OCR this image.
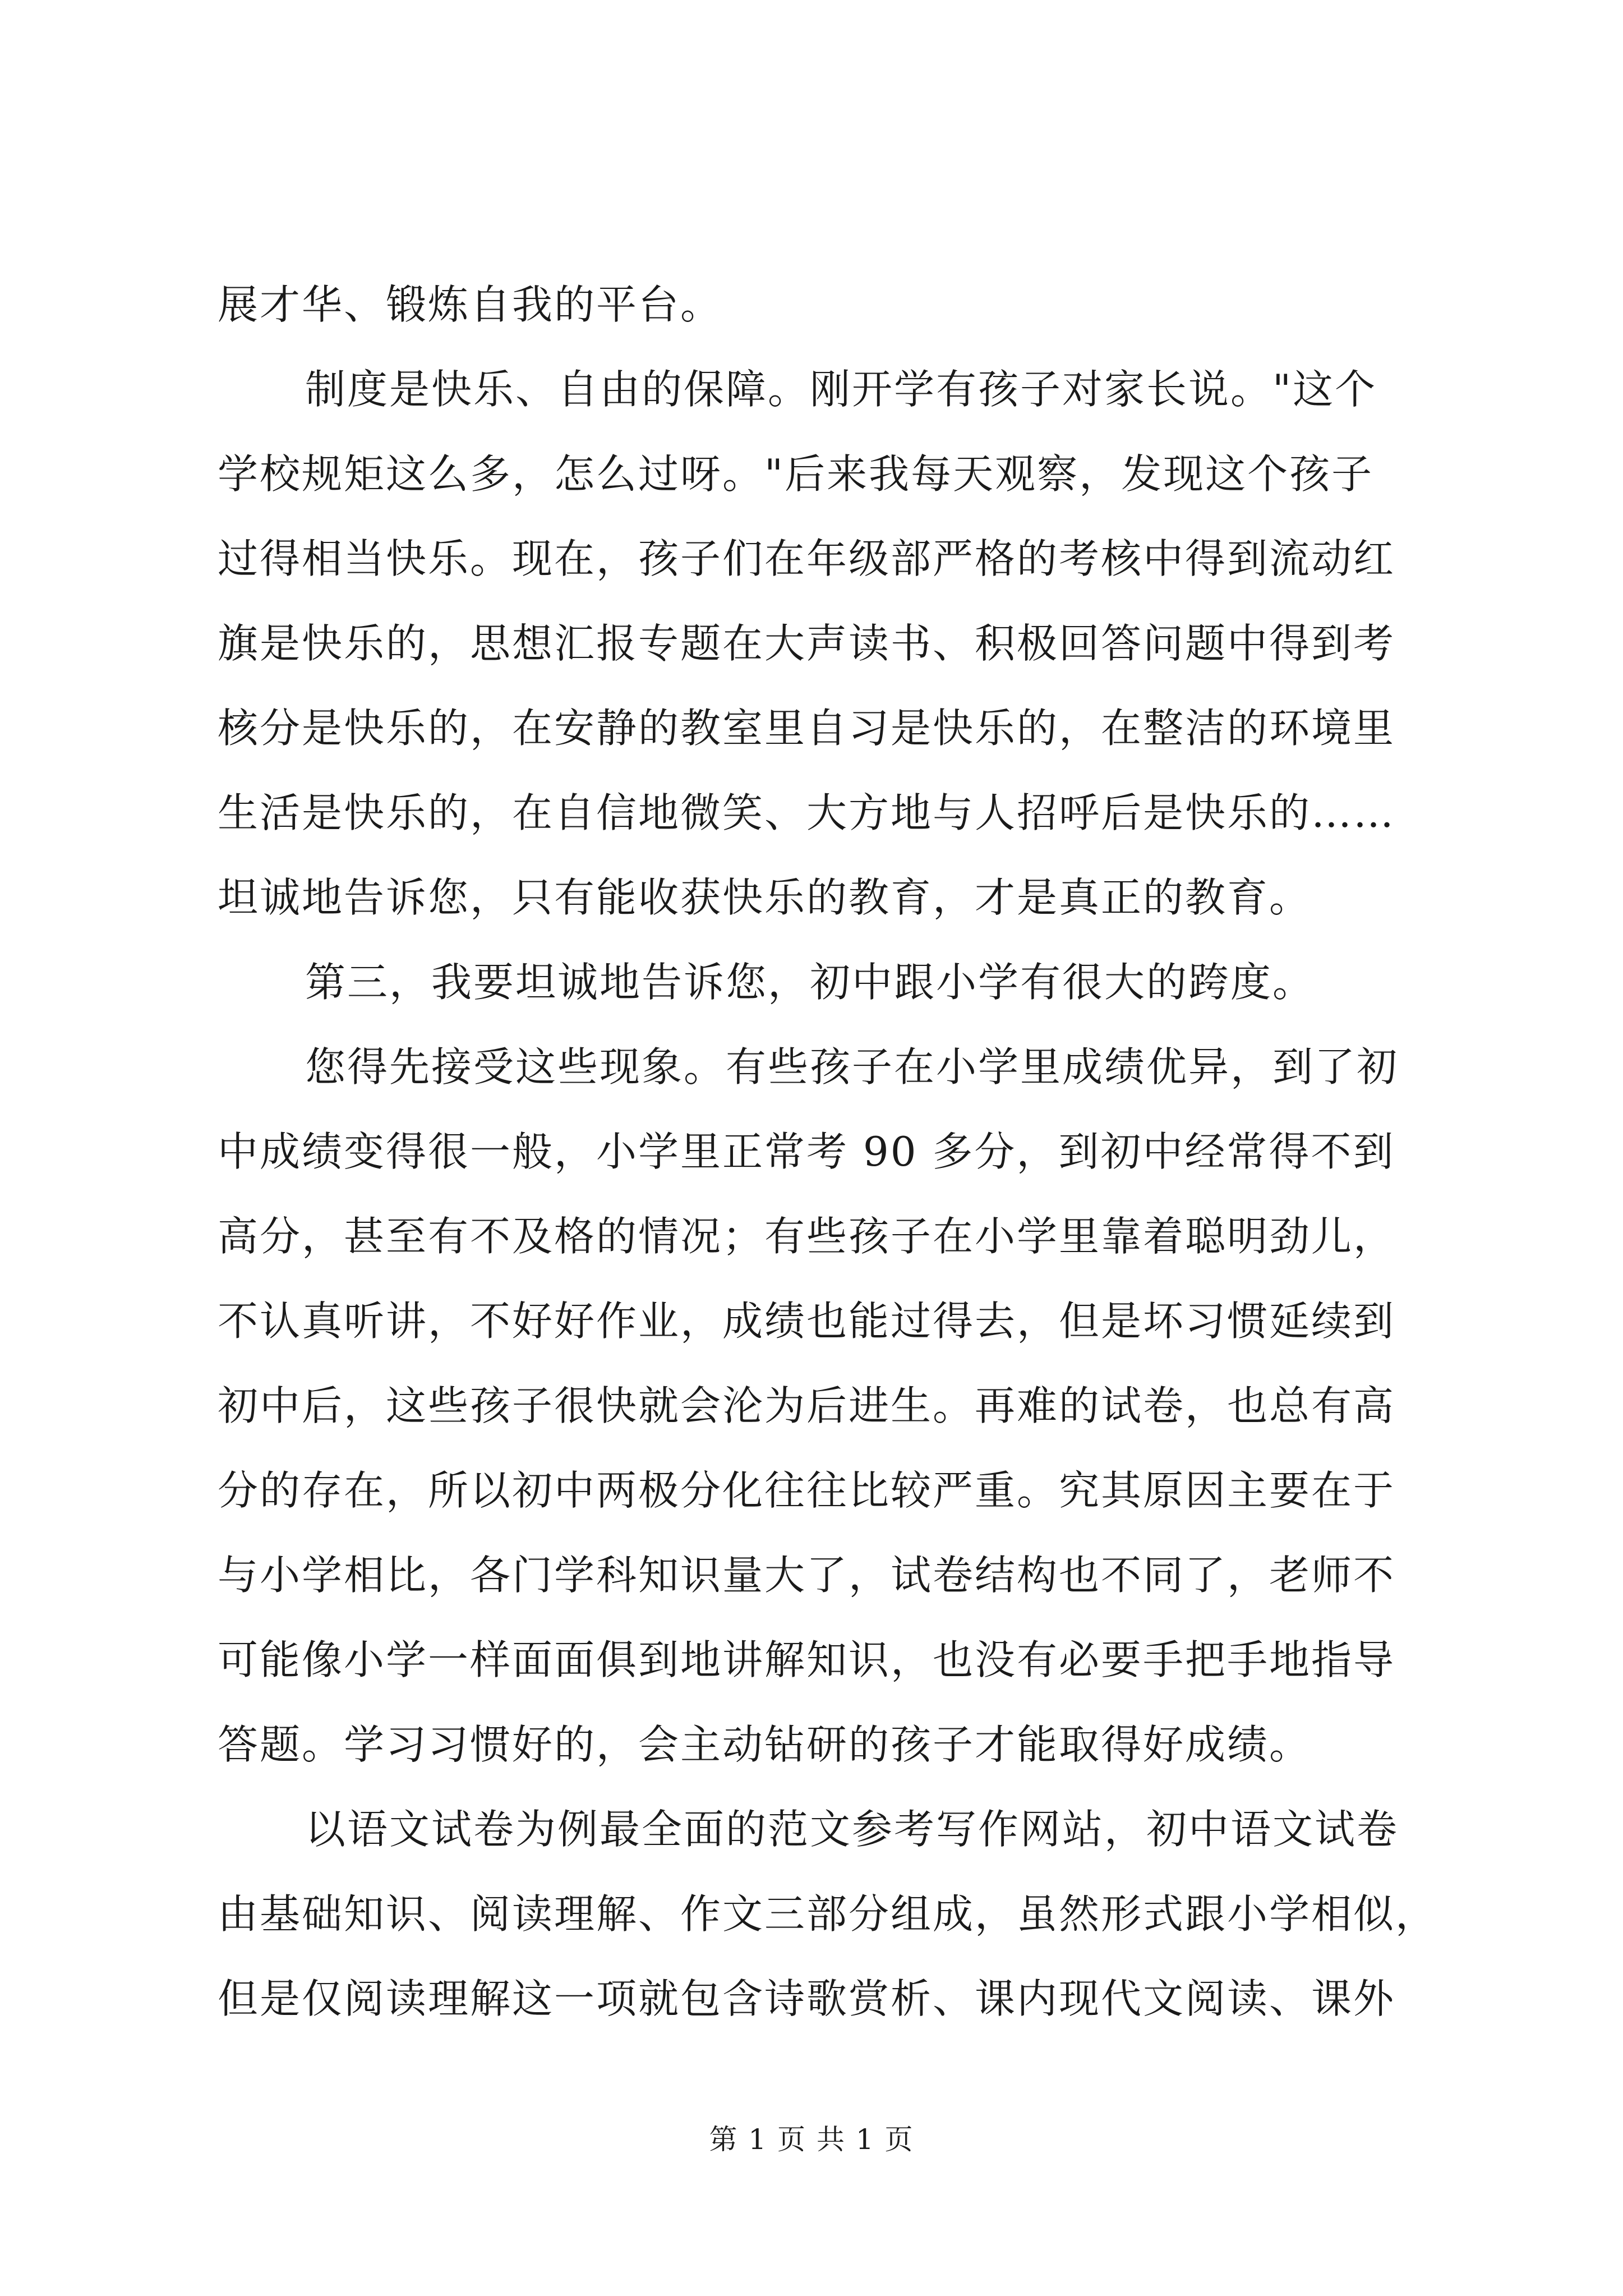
展才华、锻炼自我的平台。
制度是快乐、自由的保障。刚开学有孩子对家长说。"这个
学校规矩这么多，怎么过呀。"后来我每天观察，发现这个孩子
过得相当快乐。现在，孩子们在年级部严格的考核中得到流动红
旗是快乐的，思想汇报专题在大声读书、积极回答问题中得到考
核分是快乐的，在安静的教室里自习是快乐的，在整洁的环境里
生活是快乐的，在自信地微笑、大方地与人招呼后是快乐的……
坦诚地告诉您，只有能收获快乐的教育，才是真正的教育。
第三，我要坦诚地告诉您，初中跟小学有很大的跨度。
您得先接受这些现象。有些孩子在小学里成绩优异，到了初
中成绩变得很一般，小学里正常考 90 多分，到初中经常得不到
高分，甚至有不及格的情况；有些孩子在小学里靠着聪明劲儿，
不认真听讲，不好好作业，成绩也能过得去，但是坏习惯延续到
初中后，这些孩子很快就会沦为后进生。再难的试卷，也总有高
分的存在，所以初中两极分化往往比较严重。究其原因主要在于
与小学相比，各门学科知识量大了，试卷结构也不同了，老师不
可能像小学一样面面俱到地讲解知识，也没有必要手把手地指导
答题。学习习惯好的，会主动钻研的孩子才能取得好成绩。
以语文试卷为例最全面的范文参考写作网站，初中语文试卷
由基础知识、阅读理解、作文三部分组成，虽然形式跟小学相似，
但是仅阅读理解这一项就包含诗歌赏析、课内现代文阅读、课外
第 1 页 共 1 页
